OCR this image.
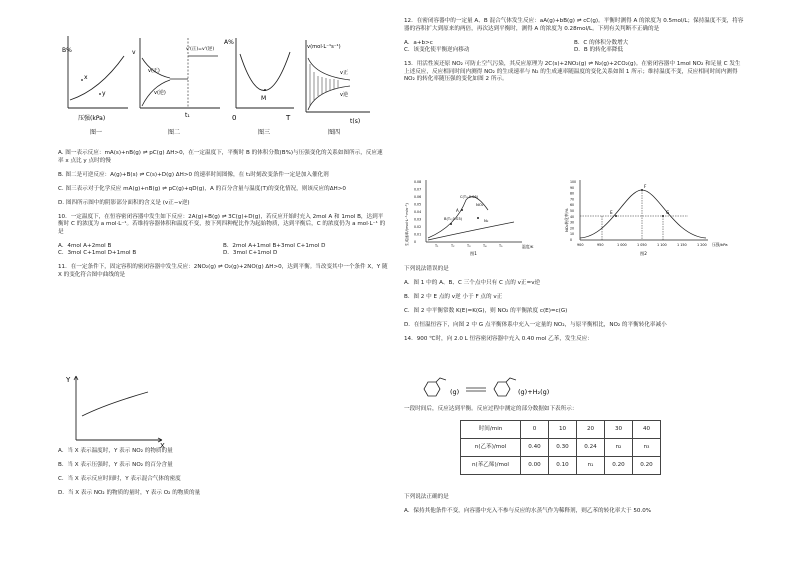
B%
x
y
压强(kPa)
图一
v
v(正)
v(逆)
v'(正)=v'(逆)
t₁
图二
A%
M
0	T
图三
v(mol·L⁻¹s⁻¹)
v正
v逆
t(s)
图四
A. 图一表示反应：mA(s)+nB(g) ⇌ pC(g) ΔH>0，在一定温度下，平衡时 B 的体积分数(B%)与压强变化的关系如图所示，反应速率 x 点比 y 点时的慢
B. 图二是可逆反应：A(g)+B(s) ⇌ C(s)+D(g) ΔH>0 的速率时间图像，在 t₁时刻改变条件一定是加入催化剂
C. 图三表示对于化学反应 mA(g)+nB(g) ⇌ pC(g)+qD(g)，A 的百分含量与温度(T)的变化情况，则该反应的ΔH>0
D. 图四所示图中的阴影部分面积的含义是 (v正−v逆)
10．一定温度下，在恒容密闭容器中发生如下反应：2A(g)+B(g) ⇌ 3C(g)+D(g)，若反应开始时充入 2mol A 和 1mol B，达到平衡时 C 的浓度为 a mol·L⁻¹。若维持容器体积和温度不变，按下列四种配比作为起始物质，达到平衡后，C 的浓度仍为 a mol·L⁻¹ 的是
A．4mol A+2mol B	B．2mol A+1mol B+3mol C+1mol D
C．3mol C+1mol D+1mol B	D．3mol C+1mol D
11．在一定条件下，固定容积的密闭容器中发生反应：2NO₂(g) ⇌ O₂(g)+2NO(g) ΔH>0，达到平衡。当改变其中一个条件 X，Y 随 X 的变化符合图中曲线的是
Y
X
A．当 X 表示温度时，Y 表示 NO₂ 的物质的量
B．当 X 表示压强时，Y 表示 NO₂ 的百分含量
C．当 X 表示反应时间时，Y 表示混合气体的密度
D．当 X 表示 NO₂ 的物质的量时，Y 表示 O₂ 的物质的量
12．在密闭容器中的一定量 A、B 混合气体发生反应：aA(g)+bB(g) ⇌ cC(g)。平衡时测得 A 的浓度为 0.5mol/L；保持温度不变，将容器的容积扩大到原来的两倍，再次达到平衡时，测得 A 的浓度为 0.28mol/L。下列有关判断不正确的是
A．a+b>c	B．C 的体积分数增大
C．该变化使平衡逆向移动	D．B 的转化率降低
13．用活性炭还原 NO₂ 可防止空气污染，其反应原理为 2C(s)+2NO₂(g) ⇌ N₂(g)+2CO₂(g)。在密闭容器中 1mol NO₂ 和足量 C 发生上述反应，反应相同时间内测得 NO₂ 的生成速率与 N₂ 的生成速率随温度的变化关系如图 1 所示；维持温度不变，反应相同时间内测得 NO₂ 的转化率随压强的变化如图 2 所示。
生成速率/(mol·L⁻¹·min⁻¹) 0
0.01
0.02
0.03
0.04
0.05
0.06
0.07
0.08
T₁	T₂	T₃	T₄	T₅
A
B(T₂,0.03)
C(T₃,0.06)
NO₂
N₂
温度/K
图1
NO₂转化率/%
0
10
20
30
40
50
60
70
80
90
100
900	950	1 000	1 050	1 100	1 150	1 200
E
F
G
压强/kPa
图2
下列说法错误的是
A．图 1 中的 A、B、C 三个点中只有 C 点的 v正=v逆
B．图 2 中 E 点的 v逆 小于 F 点的 v正
C．图 2 中平衡常数 K(E)=K(G)，则 NO₂ 的平衡浓度 c(E)=c(G)
D．在恒温恒容下，向图 2 中 G 点平衡体系中充入一定量的 NO₂，与原平衡相比，NO₂ 的平衡转化率减小
14．900 ℃时，向 2.0 L 恒容密闭容器中充入 0.40 mol 乙苯，发生反应：
(g)	(g)+H₂(g)
一段时间后，反应达到平衡。反应过程中测定的部分数据如下表所示：
时间/min	0	10	20	30	40
n(乙苯)/mol	0.40	0.30	0.24	n₂	n₃
n(苯乙烯)/mol	0.00	0.10	n₁	0.20	0.20
下列说法正确的是
A．保持其他条件不变，向容器中充入不参与反应的水蒸气作为稀释剂，则乙苯的转化率大于 50.0%
